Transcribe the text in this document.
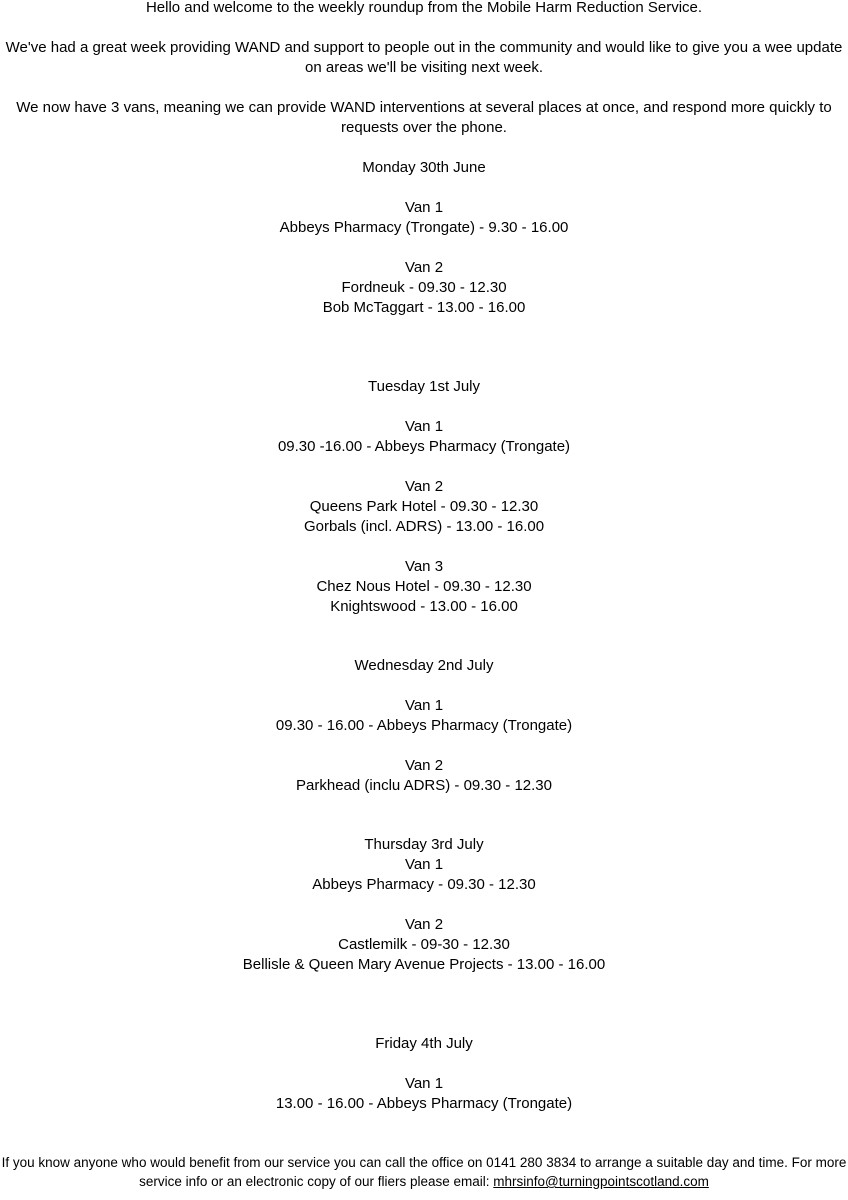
Hello and welcome to the weekly roundup from the Mobile Harm Reduction Service.
We've had a great week providing WAND and support to people out in the community and would like to give you a wee update
on areas we'll be visiting next week.
We now have 3 vans, meaning we can provide WAND interventions at several places at once, and respond more quickly to
requests over the phone.
Monday 30th June
Van 1
Abbeys Pharmacy (Trongate) - 9.30 - 16.00
Van 2
Fordneuk - 09.30 - 12.30
Bob McTaggart - 13.00 - 16.00
Tuesday 1st July
Van 1
09.30 -16.00 - Abbeys Pharmacy (Trongate)
Van 2
Queens Park Hotel - 09.30 - 12.30
Gorbals (incl. ADRS) - 13.00 - 16.00
Van 3
Chez Nous Hotel - 09.30 - 12.30
Knightswood - 13.00 - 16.00
Wednesday 2nd July
Van 1
09.30 - 16.00 - Abbeys Pharmacy (Trongate)
Van 2
Parkhead (inclu ADRS) - 09.30 - 12.30
Thursday 3rd July
Van 1
Abbeys Pharmacy - 09.30 - 12.30
Van 2
Castlemilk - 09-30 - 12.30
Bellisle & Queen Mary Avenue Projects - 13.00 - 16.00
Friday 4th July
Van 1
13.00 - 16.00 - Abbeys Pharmacy (Trongate)
If you know anyone who would benefit from our service you can call the office on 0141 280 3834 to arrange a suitable day and time. For more
service info or an electronic copy of our fliers please email: mhrsinfo@turningpointscotland.com
